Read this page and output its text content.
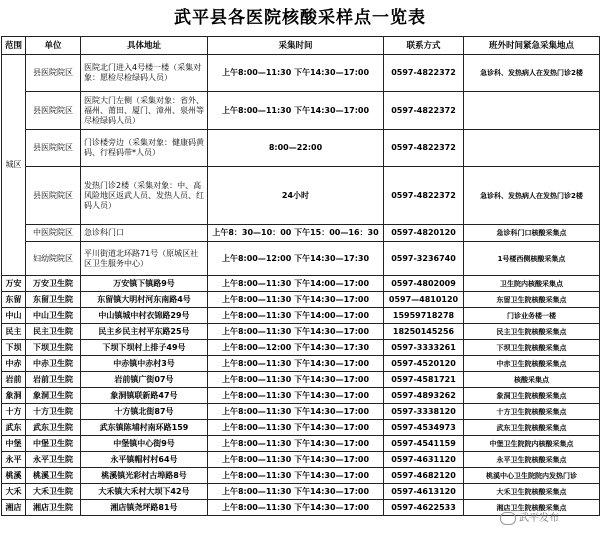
武平县各医院核酸采样点一览表
范围	单位	具体地址	采集时间	联系方式	班外时间紧急采集地点
城区	县医院院区	医院北门进入4号楼一楼（采集对象：愿检尽检绿码人员）	上午8:00—11:30 下午14:30—17:00	0597-4822372	急诊科、发热病人在发热门诊2楼
	县医院院区	医院大门左侧（采集对象：省外、福州、莆田、厦门、漳州、泉州等尽检绿码人员）	上午8:00—11:30 下午14:30—17:00	0597-4822372	
	县医院院区	门诊楼旁边（采集对象：健康码黄码、行程码带*人员）	8:00—22:00	0597-4822372	
	县医院院区	发热门诊2楼（采集对象：中、高风险地区返武人员、发热人员、红码人员）	24小时	0597-4822372	急诊科、发热病人在发热门诊2楼
	中医院院区	急诊科门口	上午8：30—10：00 下午15：00—16：30	0597-4820120	急诊科门口核酸采集点
	妇幼院院区	平川街道北环路71号（原城区社区卫生服务中心）	上午8:00—12:00 下午14:30—17:30	0597-3236740	1号楼西侧核酸采集点
万安	万安卫生院	万安镇下镇路9号	上午8:00—11:30 下午14:00—17:00	0597-4802009	卫生院内核酸采集点
东留	东留卫生院	东留镇大明村河东南路4号	上午8:00—11:30 下午14:30—17:00	0597—4810120	东留卫生院核酸采集点
中山	中山卫生院	中山镇城中村衣锦路29号	上午8:00—11:30 下午14:00—17:00	15959718278	门诊业务楼一楼
民主	民主卫生院	民主乡民主村平东路25号	上午8:00—11:30 下午14:30—17:00	18250145256	民主卫生院核酸采集点
下坝	下坝卫生院	下坝下坝村上排子49号	上午8:00—12:00 下午14:30—17:30	0597-3333261	下坝卫生院核酸采集点
中赤	中赤卫生院	中赤镇中赤村3号	上午8:00—11:30 下午14:30—17:00	0597-4520120	中赤卫生院核酸采集点
岩前	岩前卫生院	岩前镇广街07号	上午8:00—11:30 下午14:30—17:00	0597-4581721	核酸采集点
象洞	象洞卫生院	象洞镇联新路47号	上午8:00—11:30 下午14:30—17:00	0597-4893262	象洞卫生院核酸采集点
十方	十方卫生院	十方镇北街87号	上午8:00—11:30 下午14:30—17:00	0597-3338120	十方卫生院核酸采集点
武东	武东卫生院	武东镇陈埔村南环路159	上午8:00—11:30 下午14:30—17:00	0597-4534973	武东卫生院核酸采集点
中堡	中堡卫生院	中堡镇中心街9号	上午8:00—11:30 下午14:30—17:00	0597-4541159	中堡卫生院院内核酸采集点
永平	永平卫生院	永平镇帽村村64号	上午8:00—11:30 下午14:30—17:00	0597-4631120	永平卫生院核酸采集点
桃溪	桃溪卫生院	桃溪镇光彩村古埠路8号	上午8:00—11:30 下午14:30—17:00	0597-4682120	桃溪中心卫生院院内发热门诊
大禾	大禾卫生院	大禾镇大禾村大坝下42号	上午8:00—11:30 下午14:30—17:00	0597-4613120	大禾卫生院核酸采集点
湘店	湘店卫生院	湘店镇尧坪路81号	上午8:00—11:30 下午14:30—17:00	0597-4622533	湘店卫生院核酸采集点
武平发布
